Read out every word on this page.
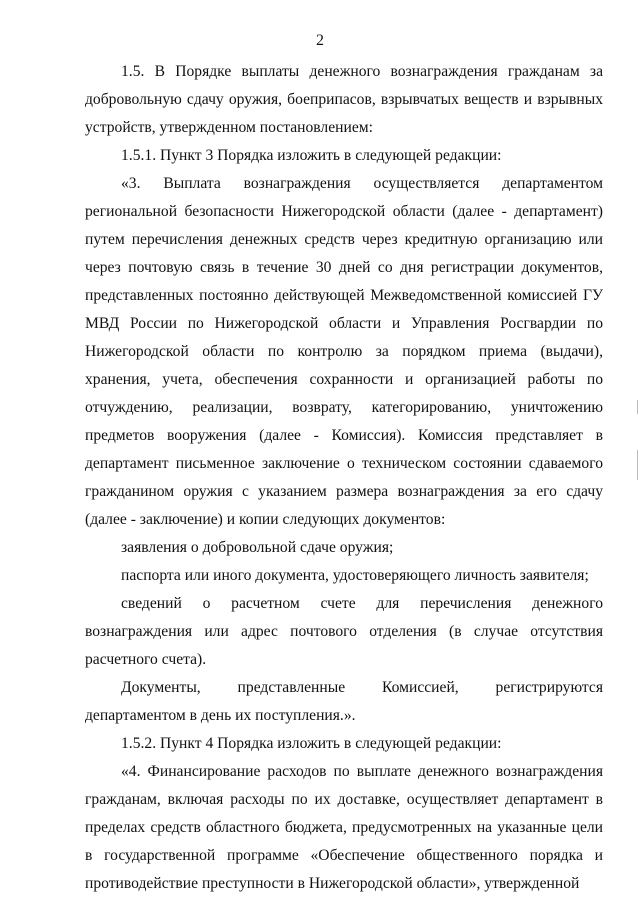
2

1.5. В Порядке выплаты денежного вознаграждения гражданам за добровольную сдачу оружия, боеприпасов, взрывчатых веществ и взрывных устройств, утвержденном постановлением:

1.5.1. Пункт 3 Порядка изложить в следующей редакции:

«3. Выплата вознаграждения осуществляется департаментом региональной безопасности Нижегородской области (далее - департамент) путем перечисления денежных средств через кредитную организацию или через почтовую связь в течение 30 дней со дня регистрации документов, представленных постоянно действующей Межведомственной комиссией ГУ МВД России по Нижегородской области и Управления Росгвардии по Нижегородской области по контролю за порядком приема (выдачи), хранения, учета, обеспечения сохранности и организацией работы по отчуждению, реализации, возврату, категорированию, уничтожению предметов вооружения (далее - Комиссия). Комиссия представляет в департамент письменное заключение о техническом состоянии сдаваемого гражданином оружия с указанием размера вознаграждения за его сдачу (далее - заключение) и копии следующих документов:

заявления о добровольной сдаче оружия;

паспорта или иного документа, удостоверяющего личность заявителя;

сведений о расчетном счете для перечисления денежного вознаграждения или адрес почтового отделения (в случае отсутствия расчетного счета).

Документы, представленные Комиссией, регистрируются департаментом в день их поступления.».

1.5.2. Пункт 4 Порядка изложить в следующей редакции:

«4. Финансирование расходов по выплате денежного вознаграждения гражданам, включая расходы по их доставке, осуществляет департамент в пределах средств областного бюджета, предусмотренных на указанные цели в государственной программе «Обеспечение общественного порядка и противодействие преступности в Нижегородской области», утвержденной
